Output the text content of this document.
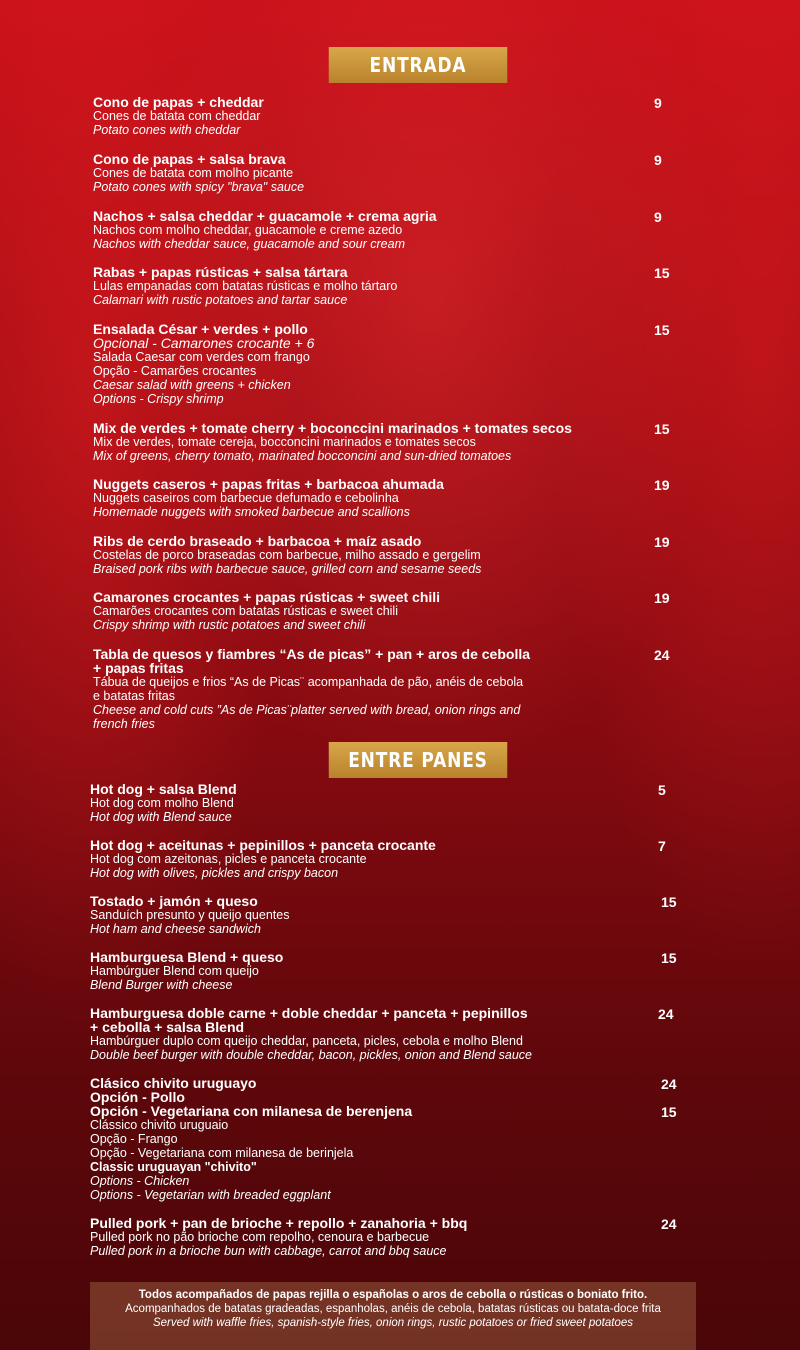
ENTRADA
ENTRE PANES
Cono de papas + cheddar
Cones de batata com cheddar
Potato cones with cheddar
9
Cono de papas + salsa brava
Cones de batata com molho picante
Potato cones with spicy "brava" sauce
9
Nachos + salsa cheddar + guacamole + crema agria
Nachos com molho cheddar, guacamole e creme azedo
Nachos with cheddar sauce, guacamole and sour cream
9
Rabas + papas rústicas + salsa tártara
Lulas empanadas com batatas rústicas e molho tártaro
Calamari with rustic potatoes and tartar sauce
15
Ensalada César + verdes + pollo
Opcional - Camarones crocante + 6
Salada Caesar com verdes com frango
Opção - Camarões crocantes
Caesar salad with greens + chicken
Options - Crispy shrimp
15
Mix de verdes + tomate cherry + boconccini marinados + tomates secos
Mix de verdes, tomate cereja, bocconcini marinados e tomates secos
Mix of greens, cherry tomato, marinated bocconcini and sun-dried tomatoes
15
Nuggets caseros + papas fritas + barbacoa ahumada
Nuggets caseiros com barbecue defumado e cebolinha
Homemade nuggets with smoked barbecue and scallions
19
Ribs de cerdo braseado + barbacoa + maíz asado
Costelas de porco braseadas com barbecue, milho assado e gergelim
Braised pork ribs with barbecue sauce, grilled corn and sesame seeds
19
Camarones crocantes + papas rústicas + sweet chili
Camarões crocantes com batatas rústicas e sweet chili
Crispy shrimp with rustic potatoes and sweet chili
19
Tabla de quesos y fiambres “As de picas” + pan + aros de cebolla
+ papas fritas
Tábua de queijos e frios “As de Picas¨ acompanhada de pão, anéis de cebola
e batatas fritas
Cheese and cold cuts ”As de Picas¨platter served with bread, onion rings and
french fries
24
Hot dog + salsa Blend
Hot dog com molho Blend
Hot dog with Blend sauce
5
Hot dog + aceitunas + pepinillos + panceta crocante
Hot dog com azeitonas, picles e panceta crocante
Hot dog with olives, pickles and crispy bacon
7
Tostado + jamón + queso
Sanduích presunto y queijo quentes
Hot ham and cheese sandwich
15
Hamburguesa Blend + queso
Hambúrguer Blend com queijo
Blend Burger with cheese
15
Hamburguesa doble carne + doble cheddar + panceta + pepinillos
+ cebolla + salsa Blend
Hambúrguer duplo com queijo cheddar, panceta, picles, cebola e molho Blend
Double beef burger with double cheddar, bacon, pickles, onion and Blend sauce
24
Clásico chivito uruguayo
Opción - Pollo
Opción - Vegetariana con milanesa de berenjena
Clássico chivito uruguaio
Opção - Frango
Opção - Vegetariana com milanesa de berinjela
Classic uruguayan "chivito"
Options - Chicken
Options - Vegetarian with breaded eggplant
24
15
Pulled pork + pan de brioche + repollo + zanahoria + bbq
Pulled pork no pão brioche com repolho, cenoura e barbecue
Pulled pork in a brioche bun with cabbage, carrot and bbq sauce
24
Todos acompañados de papas rejilla o españolas o aros de cebolla o rústicas o boniato frito.
Acompanhados de batatas gradeadas, espanholas, anéis de cebola, batatas rústicas ou batata-doce frita
Served with waffle fries, spanish-style fries, onion rings, rustic potatoes or fried sweet potatoes
